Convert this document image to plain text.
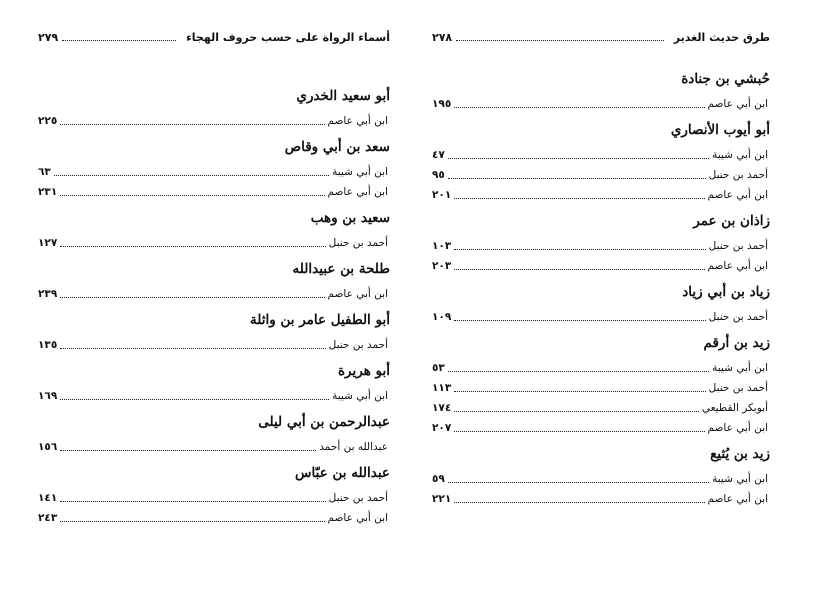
أسماء الرواة على حسب حروف الهجاء
٢٧٩
أبو سعيد الخدري
ابن أبي عاصم
٢٢٥
سعد بن أبي وقاص
ابن أبي شيبة
٦٣
ابن أبي عاصم
٢٣١
سعيد بن وهب
أحمد بن حنبل
١٢٧
طلحة بن عبيدالله
ابن أبي عاصم
٢٣٩
أبو الطفيل عامر بن واثلة
أحمد بن حنبل
١٣٥
أبو هريرة
ابن أبي شيبة
١٦٩
عبدالرحمن بن أبي ليلى
عبدالله بن أحمد
١٥٦
عبدالله بن عبّاس
أحمد بن حنبل
١٤١
ابن أبي عاصم
٢٤٣
طرق حديث الغدير
٢٧٨
حُبشي بن جنادة
ابن أبي عاصم
١٩٥
أبو أيوب الأنصاري
ابن أبي شيبة
٤٧
أحمد بن حنبل
٩٥
ابن أبي عاصم
٢٠١
زاذان بن عمر
أحمد بن حنبل
١٠٣
ابن أبي عاصم
٢٠٣
زياد بن أبي زياد
أحمد بن حنبل
١٠٩
زيد بن أرقم
ابن أبي شيبة
٥٣
أحمد بن حنبل
١١٣
أبوبكر القطيعي
١٧٤
ابن أبي عاصم
٢٠٧
زيد بن يُثيع
ابن أبي شيبة
٥٩
ابن أبي عاصم
٢٢١
